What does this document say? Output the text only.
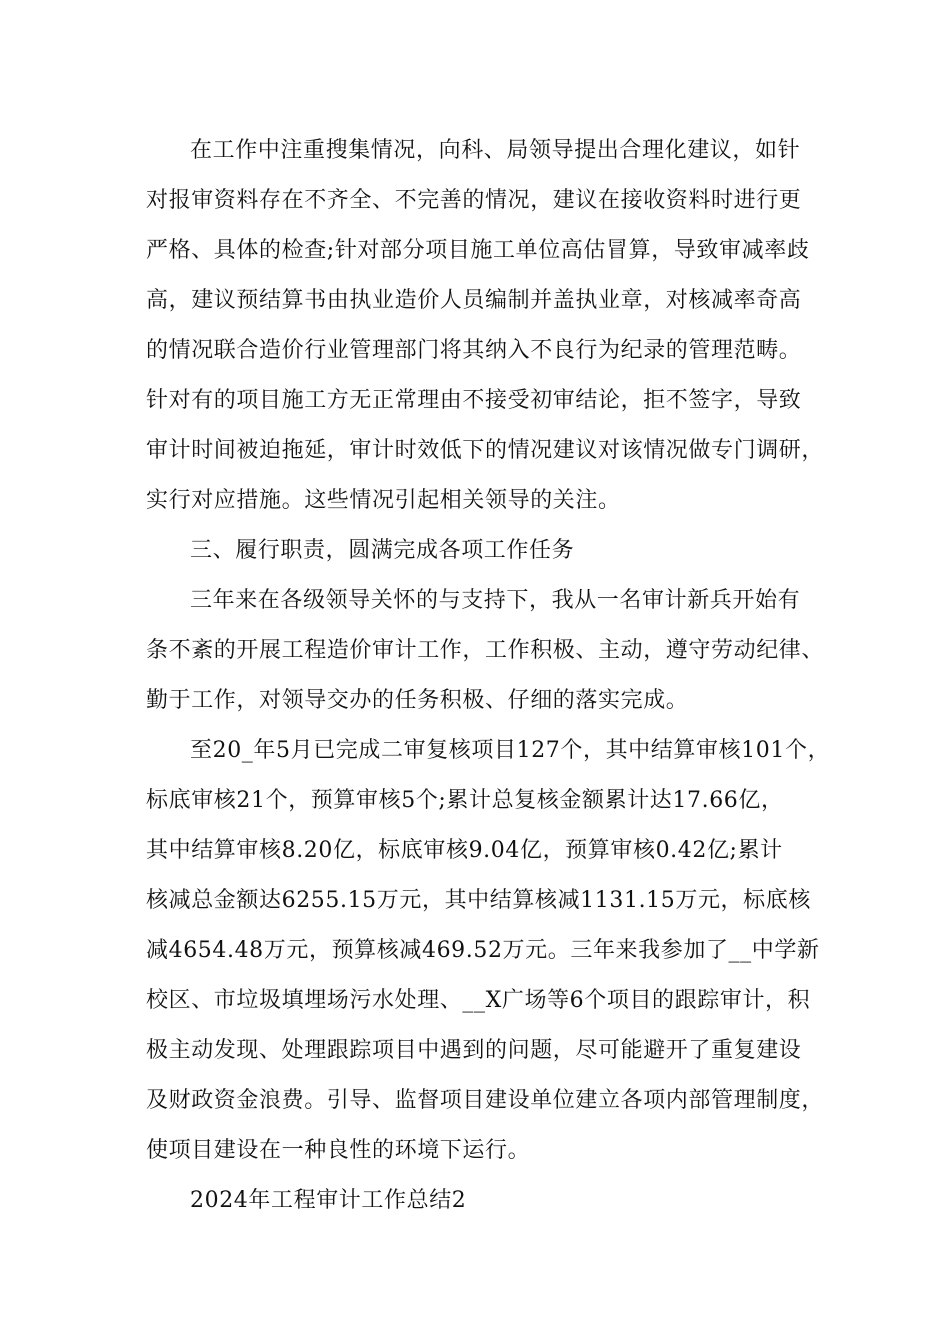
在工作中注重搜集情况，向科、局领导提出合理化建议，如针
对报审资料存在不齐全、不完善的情况，建议在接收资料时进行更
严格、具体的检查;针对部分项目施工单位高估冒算，导致审减率歧
高，建议预结算书由执业造价人员编制并盖执业章，对核减率奇高
的情况联合造价行业管理部门将其纳入不良行为纪录的管理范畴。
针对有的项目施工方无正常理由不接受初审结论，拒不签字，导致
审计时间被迫拖延，审计时效低下的情况建议对该情况做专门调研，
实行对应措施。这些情况引起相关领导的关注。
三、履行职责，圆满完成各项工作任务
三年来在各级领导关怀的与支持下，我从一名审计新兵开始有
条不紊的开展工程造价审计工作，工作积极、主动，遵守劳动纪律、
勤于工作，对领导交办的任务积极、仔细的落实完成。
至20_年5月已完成二审复核项目127个，其中结算审核101个，
标底审核21个，预算审核5个;累计总复核金额累计达17.66亿，
其中结算审核8.20亿，标底审核9.04亿，预算审核0.42亿;累计
核减总金额达6255.15万元，其中结算核减1131.15万元，标底核
减4654.48万元，预算核减469.52万元。三年来我参加了__中学新
校区、市垃圾填埋场污水处理、__X广场等6个项目的跟踪审计，积
极主动发现、处理跟踪项目中遇到的问题，尽可能避开了重复建设
及财政资金浪费。引导、监督项目建设单位建立各项内部管理制度，
使项目建设在一种良性的环境下运行。
2024年工程审计工作总结2
